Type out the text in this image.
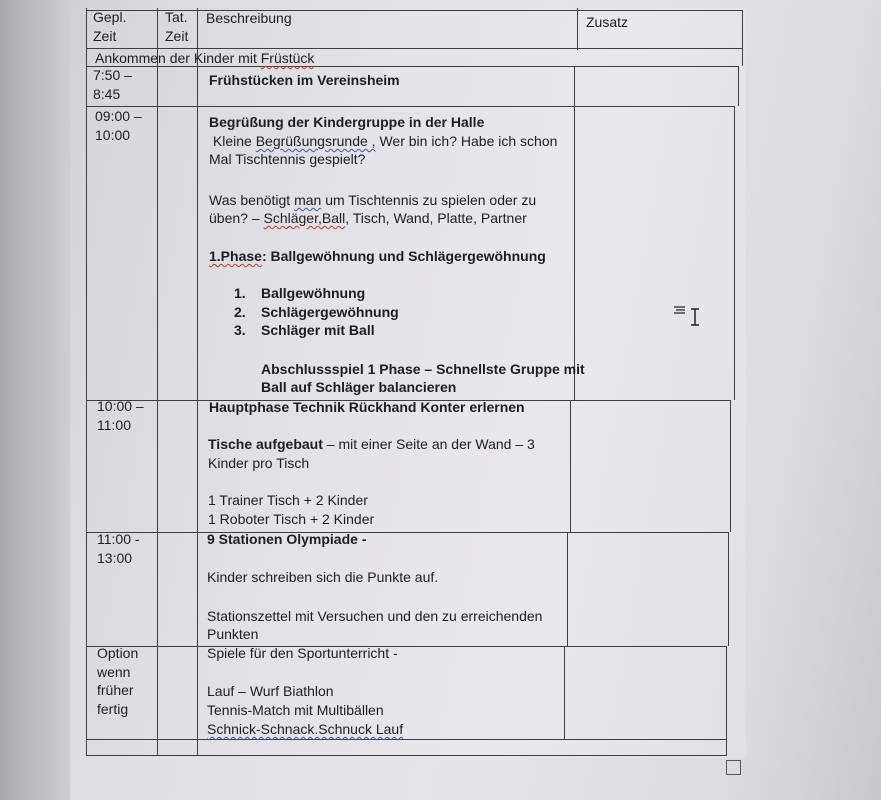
Gepl.
Zeit
Tat.
Zeit
Beschreibung	Zusatz
Ankommen der Kinder mit Früstück
7:50 –
8:45
Frühstücken im Vereinsheim
09:00 –
10:00
Begrüßung der Kindergruppe in der Halle
Kleine Begrüßungsrunde , Wer bin ich? Habe ich schon
Mal Tischtennis gespielt?
Was benötigt man um Tischtennis zu spielen oder zu
üben? – Schläger,Ball, Tisch, Wand, Platte, Partner
1.Phase: Ballgewöhnung und Schlägergewöhnung
1. Ballgewöhnung
2. Schlägergewöhnung
3. Schläger mit Ball
Abschlussspiel 1 Phase – Schnellste Gruppe mit
Ball auf Schläger balancieren
10:00 –
11:00
Hauptphase Technik Rückhand Konter erlernen
Tische aufgebaut – mit einer Seite an der Wand – 3
Kinder pro Tisch
1 Trainer Tisch + 2 Kinder
1 Roboter Tisch + 2 Kinder
11:00 -
13:00
9 Stationen Olympiade -
Kinder schreiben sich die Punkte auf.
Stationszettel mit Versuchen und den zu erreichenden
Punkten
Option
wenn
früher
fertig
Spiele für den Sportunterricht -
Lauf – Wurf Biathlon
Tennis-Match mit Multibällen
Schnick-Schnack.Schnuck Lauf
